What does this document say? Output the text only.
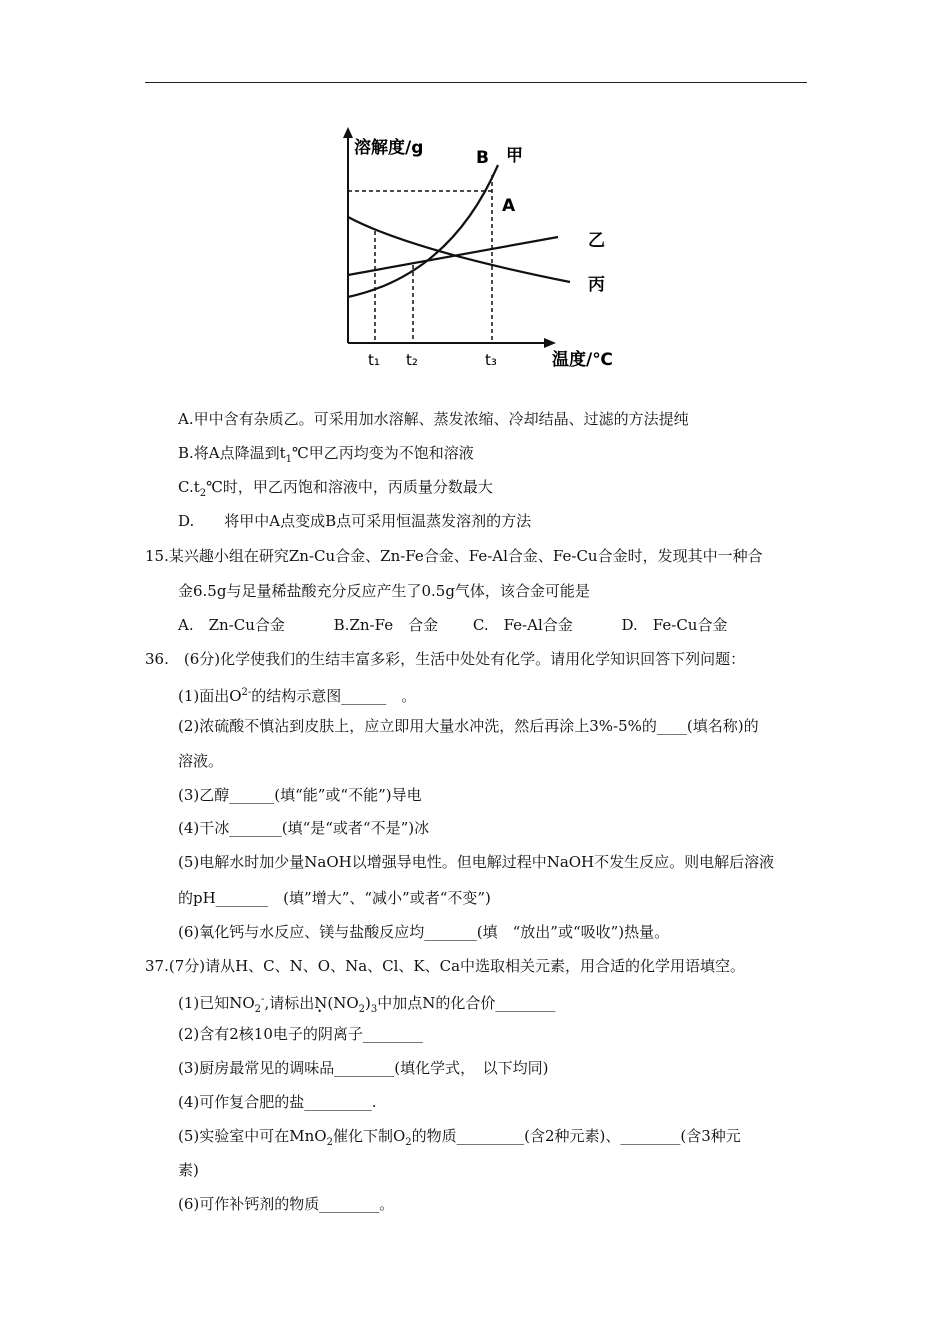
溶解度/g	B 甲
A
乙
丙
t₁ t₂	t₃	温度/℃
A.甲中含有杂质乙。可采用加水溶解、蒸发浓缩、冷却结晶、过滤的方法提纯
B.将A点降温到$t_1℃$甲乙丙均变为不饱和溶液
$C.t_2℃$时，甲乙丙饱和溶液中，丙质量分数最大
D.　　将甲中A点变成B点可采用恒温蒸发溶剂的方法
15.某兴趣小组在研究Zn-Cu合金、Zn-Fe合金、Fe-Al合金、Fe-Cu合金时，发现其中一种合
金6.5g与足量稀盐酸充分反应产生了0.5g气体，该合金可能是
A.　Zn-Cu合金	B.Zn-Fe　合金 C.　Fe-Al合金	D.　Fe-Cu合金
36.　(6分)化学使我们的生结丰富多彩，生活中处处有化学。请用化学知识回答下列问题：
(1)面出$O^{2-}$的结构示意图______　。
(2)浓硫酸不慎沾到皮肤上，应立即用大量水冲洗，然后再涂上3%-5%的____(填名称)的
溶液。
(3)乙醇______(填“能”或“不能”)导电
(4)干冰_______(填“是“或者“不是”)冰
(5)电解水时加少量NaOH以增强导电性。但电解过程中NaOH不发生反应。则电解后溶液
的pH_______　(填”增大”、“减小”或者“不变”)
(6)氧化钙与水反应、镁与盐酸反应均_______(填　“放出”或“吸收”)热量。
37.(7分)请从H、C、N、O、Na、Cl、K、Ca中选取相关元素，用合适的化学用语填空。
(1)已知$NO_2^-$,请标出N $•(NO_2)_3$中加点N的化合价________
(2)含有2核10电子的阴离子________
(3)厨房最常见的调味品________(填化学式，　以下均同)
(4)可作复合肥的盐_________.
(5)实验室中可在MnO$_2$催化下制$O_2$的物质_________(含2种元素)、________(含3种元
素)
(6)可作补钙剂的物质________。
